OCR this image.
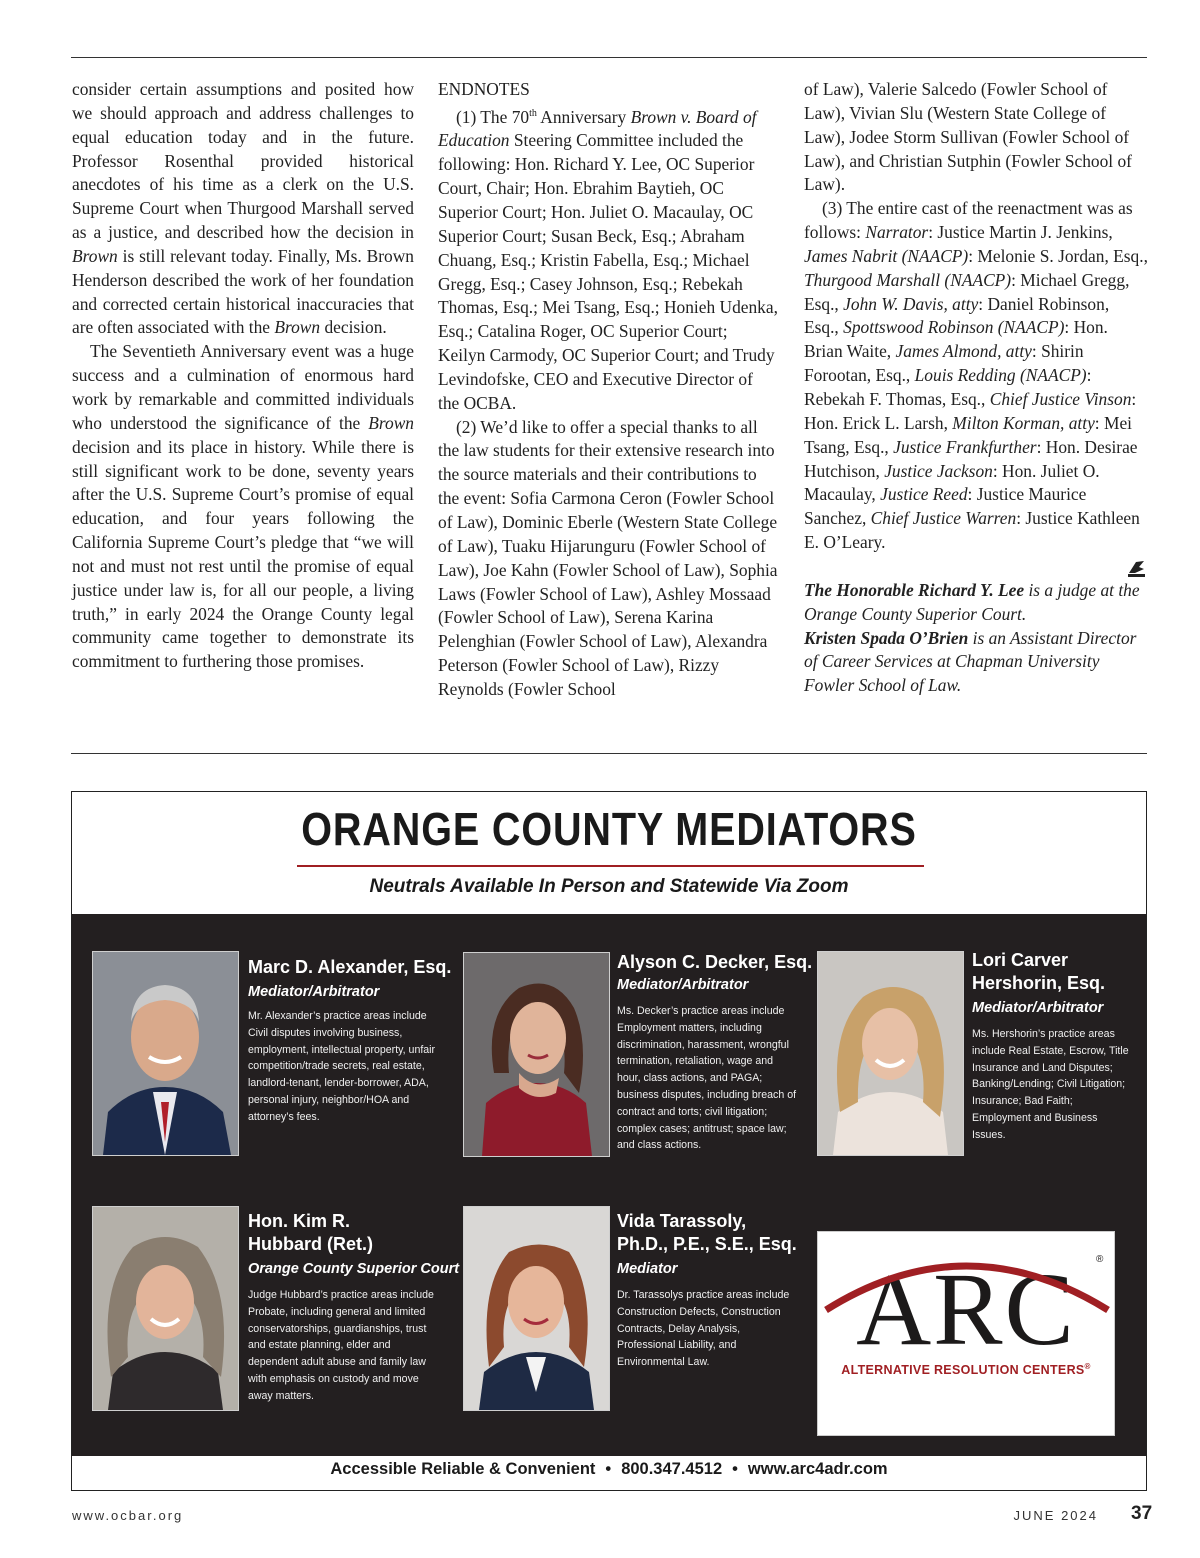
consider certain assumptions and posited how we should approach and address challenges to equal education today and in the future. Professor Rosenthal provided historical anecdotes of his time as a clerk on the U.S. Supreme Court when Thurgood Marshall served as a justice, and described how the decision in Brown is still relevant today. Finally, Ms. Brown Henderson described the work of her foundation and corrected certain historical inaccuracies that are often associated with the Brown decision.

The Seventieth Anniversary event was a huge success and a culmination of enormous hard work by remarkable and committed individuals who understood the significance of the Brown decision and its place in history. While there is still significant work to be done, seventy years after the U.S. Supreme Court’s promise of equal education, and four years following the California Supreme Court’s pledge that “we will not and must not rest until the promise of equal justice under law is, for all our people, a living truth,” in early 2024 the Orange County legal community came together to demonstrate its commitment to furthering those promises.

ENDNOTES

(1) The 70th Anniversary Brown v. Board of Education Steering Committee included the following: Hon. Richard Y. Lee, OC Superior Court, Chair; Hon. Ebrahim Baytieh, OC Superior Court; Hon. Juliet O. Macaulay, OC Superior Court; Susan Beck, Esq.; Abraham Chuang, Esq.; Kristin Fabella, Esq.; Michael Gregg, Esq.; Casey Johnson, Esq.; Rebekah Thomas, Esq.; Mei Tsang, Esq.; Honieh Udenka, Esq.; Catalina Roger, OC Superior Court; Keilyn Carmody, OC Superior Court; and Trudy Levindofske, CEO and Executive Director of the OCBA.

(2) We’d like to offer a special thanks to all the law students for their extensive research into the source materials and their contributions to the event: Sofia Carmona Ceron (Fowler School of Law), Dominic Eberle (Western State College of Law), Tuaku Hijarunguru (Fowler School of Law), Joe Kahn (Fowler School of Law), Sophia Laws (Fowler School of Law), Ashley Mossaad (Fowler School of Law), Serena Karina Pelenghian (Fowler School of Law), Alexandra Peterson (Fowler School of Law), Rizzy Reynolds (Fowler School

of Law), Valerie Salcedo (Fowler School of Law), Vivian Slu (Western State College of Law), Jodee Storm Sullivan (Fowler School of Law), and Christian Sutphin (Fowler School of Law).

(3) The entire cast of the reenactment was as follows: Narrator: Justice Martin J. Jenkins, James Nabrit (NAACP): Melonie S. Jordan, Esq., Thurgood Marshall (NAACP): Michael Gregg, Esq., John W. Davis, atty: Daniel Robinson, Esq., Spottswood Robinson (NAACP): Hon. Brian Waite, James Almond, atty: Shirin Forootan, Esq., Louis Redding (NAACP): Rebekah F. Thomas, Esq., Chief Justice Vinson: Hon. Erick L. Larsh, Milton Korman, atty: Mei Tsang, Esq., Justice Frankfurther: Hon. Desirae Hutchison, Justice Jackson: Hon. Juliet O. Macaulay, Justice Reed: Justice Maurice Sanchez, Chief Justice Warren: Justice Kathleen E. O’Leary.

The Honorable Richard Y. Lee is a judge at the Orange County Superior Court.

Kristen Spada O’Brien is an Assistant Director of Career Services at Chapman University Fowler School of Law.

ORANGE COUNTY MEDIATORS
Neutrals Available In Person and Statewide Via Zoom
Marc D. Alexander, Esq.
Mediator/Arbitrator
Mr. Alexander’s practice areas include Civil disputes involving business, employment, intellectual property, unfair competition/trade secrets, real estate, landlord-tenant, lender-borrower, ADA, personal injury, neighbor/HOA and attorney’s fees.
Alyson C. Decker, Esq.
Mediator/Arbitrator
Ms. Decker’s practice areas include Employment matters, including discrimination, harassment, wrongful termination, retaliation, wage and hour, class actions, and PAGA; business disputes, including breach of contract and torts; civil litigation; complex cases; antitrust; space law; and class actions.
Lori Carver
Hershorin, Esq.
Mediator/Arbitrator
Ms. Hershorin’s practice areas include Real Estate, Escrow, Title Insurance and Land Disputes; Banking/Lending; Civil Litigation; Insurance; Bad Faith; Employment and Business Issues.
Hon. Kim R.
Hubbard (Ret.)
Orange County Superior Court
Judge Hubbard’s practice areas include Probate, including general and limited conservatorships, guardianships, trust and estate planning, elder and dependent adult abuse and family law with emphasis on custody and move away matters.
Vida Tarassoly,
Ph.D., P.E., S.E., Esq.
Mediator
Dr. Tarassolys practice areas include Construction Defects, Construction Contracts, Delay Analysis, Professional Liability, and Environmental Law.	ARC ®
ALTERNATIVE RESOLUTION CENTERS®
Accessible Reliable & Convenient • 800.347.4512 • www.arc4adr.com
www.ocbar.org	JUNE 2024 37
